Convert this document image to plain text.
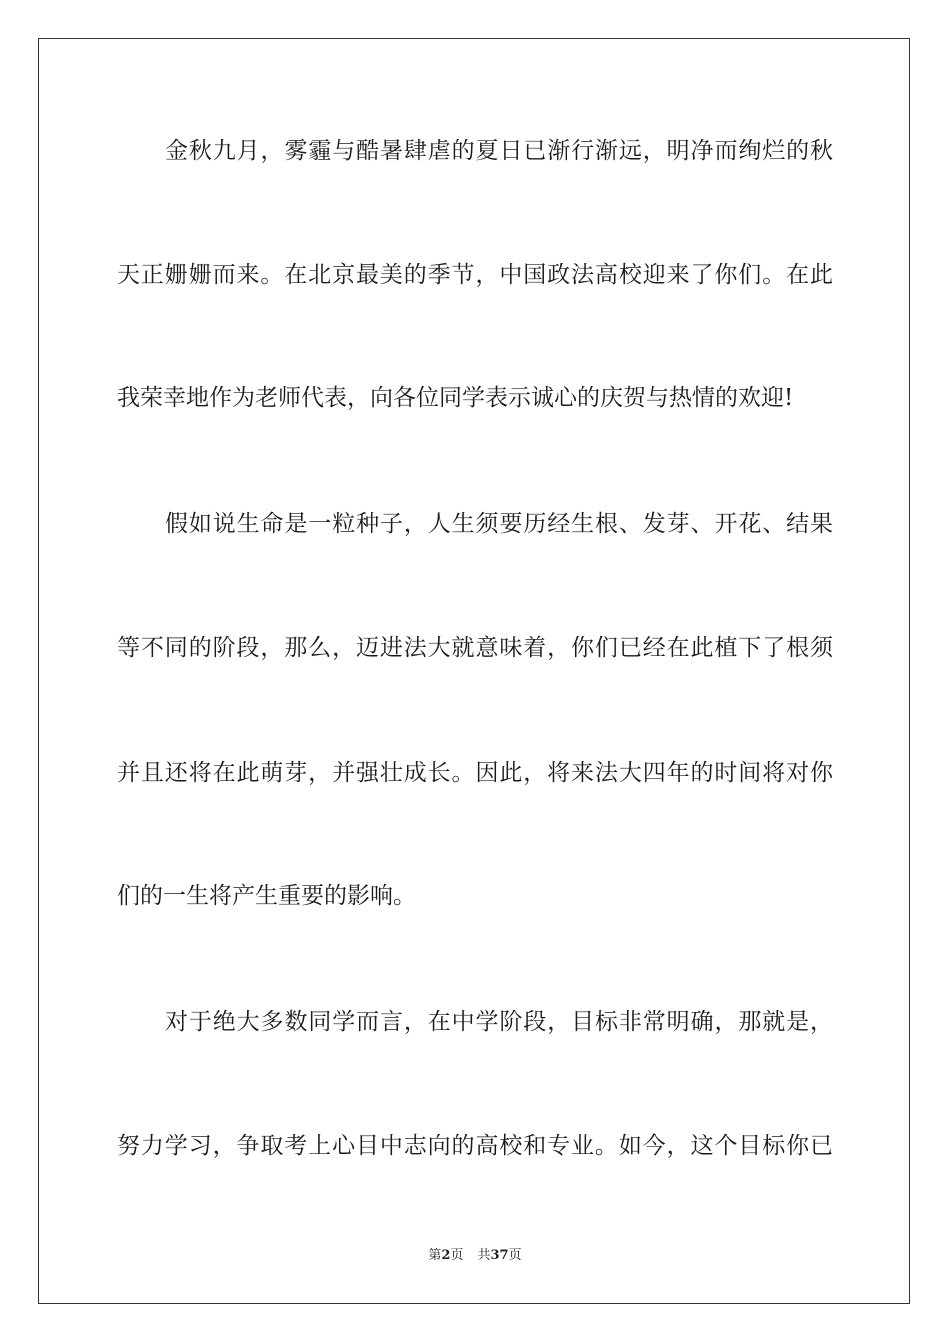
金秋九月，雾霾与酷暑肆虐的夏日已渐行渐远，明净而绚烂的秋
天正姗姗而来。在北京最美的季节，中国政法高校迎来了你们。在此
我荣幸地作为老师代表，向各位同学表示诚心的庆贺与热情的欢迎!
假如说生命是一粒种子，人生须要历经生根、发芽、开花、结果
等不同的阶段，那么，迈进法大就意味着，你们已经在此植下了根须
并且还将在此萌芽，并强壮成长。因此，将来法大四年的时间将对你
们的一生将产生重要的影响。
对于绝大多数同学而言，在中学阶段，目标非常明确，那就是，
努力学习，争取考上心目中志向的高校和专业。如今，这个目标你已
第2页 共37页
